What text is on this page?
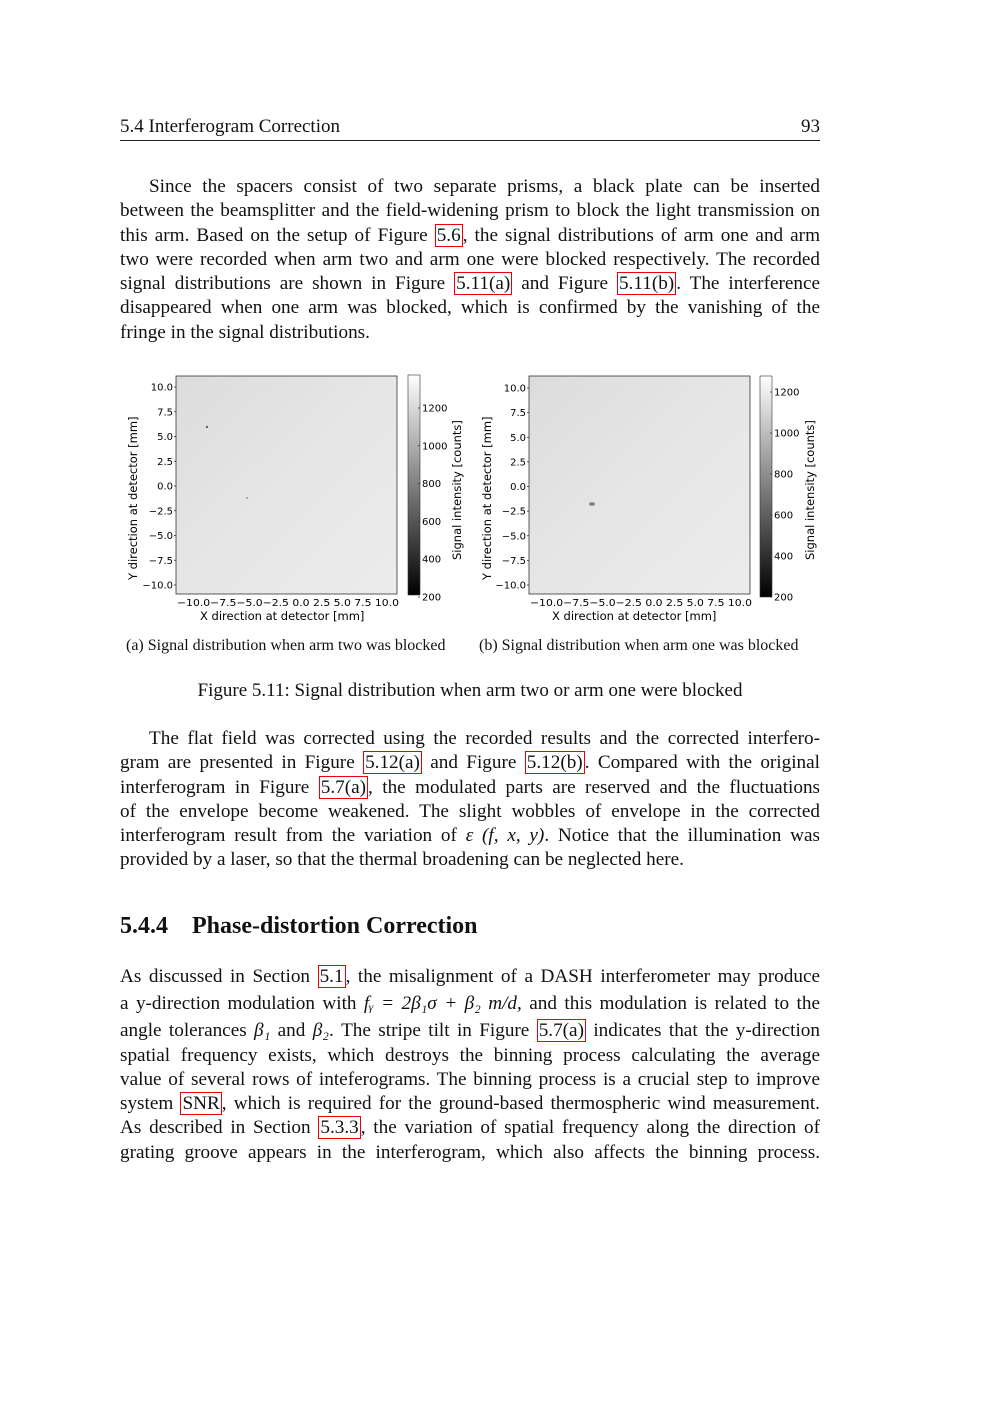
5.4 Interferogram Correction	93

Since the spacers consist of two separate prisms, a black plate can be inserted
between the beamsplitter and the field-widening prism to block the light transmission on
this arm. Based on the setup of Figure 5.6 , the signal distributions of arm one and arm
two were recorded when arm two and arm one were blocked respectively. The recorded
signal distributions are shown in Figure 5.11(a) and Figure 5.11(b) . The interference
disappeared when one arm was blocked, which is confirmed by the vanishing of the
fringe in the signal distributions.

10.0
7.5
5.0
2.5
0.0
−2.5
−5.0
−7.5
−10.0
−10.0−7.5−5.0−2.5 0.0 2.5 5.0 7.5 10.0
X direction at detector [mm]
Y direction at detector [mm]
1200
1000
800
600
400
200
Signal intensity [counts]
10.0
7.5
5.0
2.5
0.0
−2.5
−5.0
−7.5
−10.0
−10.0−7.5−5.0−2.5 0.0 2.5 5.0 7.5 10.0
X direction at detector [mm]
Y direction at detector [mm]
1200
1000
800
600
400
200
Signal intensity [counts]
(a) Signal distribution when arm two was blocked (b) Signal distribution when arm one was blocked
Figure 5.11: Signal distribution when arm two or arm one were blocked

The flat field was corrected using the recorded results and the corrected interfero-
gram are presented in Figure 5.12(a) and Figure 5.12(b) . Compared with the original
interferogram in Figure 5.7(a) , the modulated parts are reserved and the fluctuations
of the envelope become weakened. The slight wobbles of envelope in the corrected
interferogram result from the variation of ε (f, x, y). Notice that the illumination was
provided by a laser, so that the thermal broadening can be neglected here.

5.4.4 Phase-distortion Correction

As discussed in Section 5.1 , the misalignment of a DASH interferometer may produce
a y-direction modulation with fᵧ = 2β₁σ + β₂ m/d, and this modulation is related to the
angle tolerances β₁ and β₂. The stripe tilt in Figure 5.7(a) indicates that the y-direction
spatial frequency exists, which destroys the binning process calculating the average
value of several rows of inteferograms. The binning process is a crucial step to improve
system SNR , which is required for the ground-based thermospheric wind measurement.
As described in Section 5.3.3 , the variation of spatial frequency along the direction of
grating groove appears in the interferogram, which also affects the binning process.
